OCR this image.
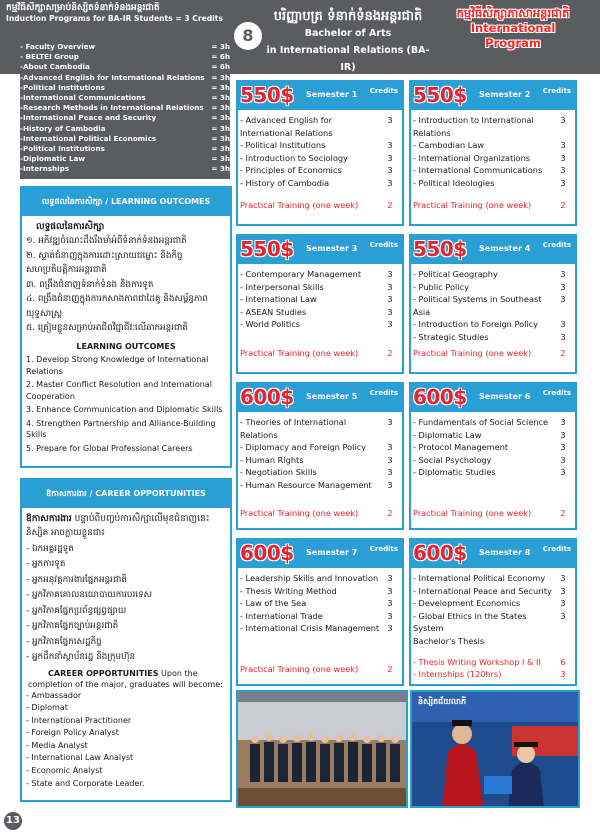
កម្មវិធីសិក្សាសម្រាប់និស្សិតទំនាក់ទំនងអន្តរជាតិ
Induction Programs for BA-IR Students = 3 Credits
8
បរិញ្ញាបត្រ ទំនាក់ទំនងអន្តរជាតិ
Bachelor of Arts
in International Relations (BA-IR)
កម្មវិធីសិក្សាភាសាអន្តរជាតិ
International
Program
- Faculty Overview	= 3h
- BELTEI Group	= 6h
-About Cambodia	= 6h
-Advanced English for International Relations = 3h
-Political Institutions	= 3h
-International Communications	= 3h
-Research Methods in International Relations = 3h
-International Peace and Security	= 3h
-History of Cambodia	= 3h
-International Political Economics	= 3h
-Political Institutions	= 3h
-Diplomatic Law	= 3h
-Internships	= 3h
លទ្ធផលនៃការសិក្សា / LEARNING OUTCOMES
លទ្ធផលនៃការសិក្សា
១. អភិវឌ្ឍចំណេះដឹងរឹងមាំអំពីទំនាក់ទំនងអន្តរជាតិ
២. ស្ទាត់ជំនាញក្នុងការដោះស្រាយជម្លោះ និងកិច្ច
សហប្រតិបត្តិការអន្តរជាតិ
៣. ពង្រឹងជំនាញទំនាក់ទំនង និងការទូត
៤. ពង្រឹងជំនាញក្នុងការកសាងភាពជាដៃគូ និងសម្ព័ន្ធភាព
យុទ្ធសាស្ត្រ
៥. ត្រៀមខ្លួនសម្រាប់អាជីពវិជ្ជាជីវៈលើឆាកអន្តរជាតិ
LEARNING OUTCOMES
1. Develop Strong Knowledge of International Relations
2. Master Conflict Resolution and International Cooperation
3. Enhance Communication and Diplomatic Skills
4. Strengthen Partnership and Alliance-Building Skills
5. Prepare for Global Professional Careers
ឱកាសការងារ / CAREER OPPORTUNITIES
ឱកាសការងារ បន្ទាប់ពីបញ្ចប់ការសិក្សាលើមុខជំនាញនេះ
និស្សិត អាចក្លាយខ្លួនជា៖
- ឯកអគ្គរដ្ឋទូត
- អ្នកការទូត
- អ្នកអនុវត្តការងារផ្នែកអន្តរជាតិ
- អ្នកវិភាគគោលនយោបាយការបរទេស
- អ្នកវិភាគផ្នែកប្រព័ន្ធផ្សព្វផ្សាយ
- អ្នកវិភាគផ្នែកច្បាប់អន្តរជាតិ
- អ្នកវិភាគផ្នែកសេដ្ឋកិច្ច
- អ្នកដឹកនាំស្ថាប័នរដ្ឋ និងក្រុមហ៊ុន
CAREER OPPORTUNITIES Upon the completion of the major, graduates will become:
- Ambassador
- Diplomat
- International Practitioner
- Foreign Policy Analyst
- Media Analyst
- International Law Analyst
- Economic Analyst
- State and Corporate Leader.
550$ Semester 1 Credits
- Advanced English for International Relations
3
- Political Institutions	3
- Introduction to Sociology	3
- Principles of Economics	3
- History of Cambodia	3
Practical Training (one week)	2
550$ Semester 2 Credits
- Introduction to International Relations
3
- Cambodian Law	3
- International Organizations	3
- International Communications	3
- Political Ideologies	3
Practical Training (one week)	2
550$ Semester 3 Credits
- Contemporary Management	3
- Interpersonal Skills	3
- International Law	3
- ASEAN Studies	3
- World Politics	3
Practical Training (one week)	2
550$ Semester 4 Credits
- Political Geography	3
- Public Policy	3
- Political Systems in Southeast Asia
3
- Introduction to Foreign Policy	3
- Strategic Studies	3
Practical Training (one week)	2
600$ Semester 5 Credits
- Theories of International Relations
3
- Diplomacy and Foreign Policy	3
- Human Rights	3
- Negotiation Skills	3
- Human Resource Management	3
Practical Training (one week)	2
600$ Semester 6 Credits
- Fundamentals of Social Science	3
- Diplomatic Law	3
- Protocol Management	3
- Social Psychology	3
- Diplomatic Studies	3
Practical Training (one week)	2
600$ Semester 7 Credits
- Leadership Skills and Innovation	3
- Thesis Writing Method	3
- Law of the Sea	3
- International Trade	3
- International Crisis Management	3
Practical Training (one week)	2
600$ Semester 8 Credits
- International Political Economy	3
- International Peace and Security	3
- Development Economics	3
- Global Ethics in the States System
3
Bachelor's Thesis
- Thesis Writing Workshop I & II	6
- Internships (120hrs)	3
និស្សិតជ័យលាភី
13
